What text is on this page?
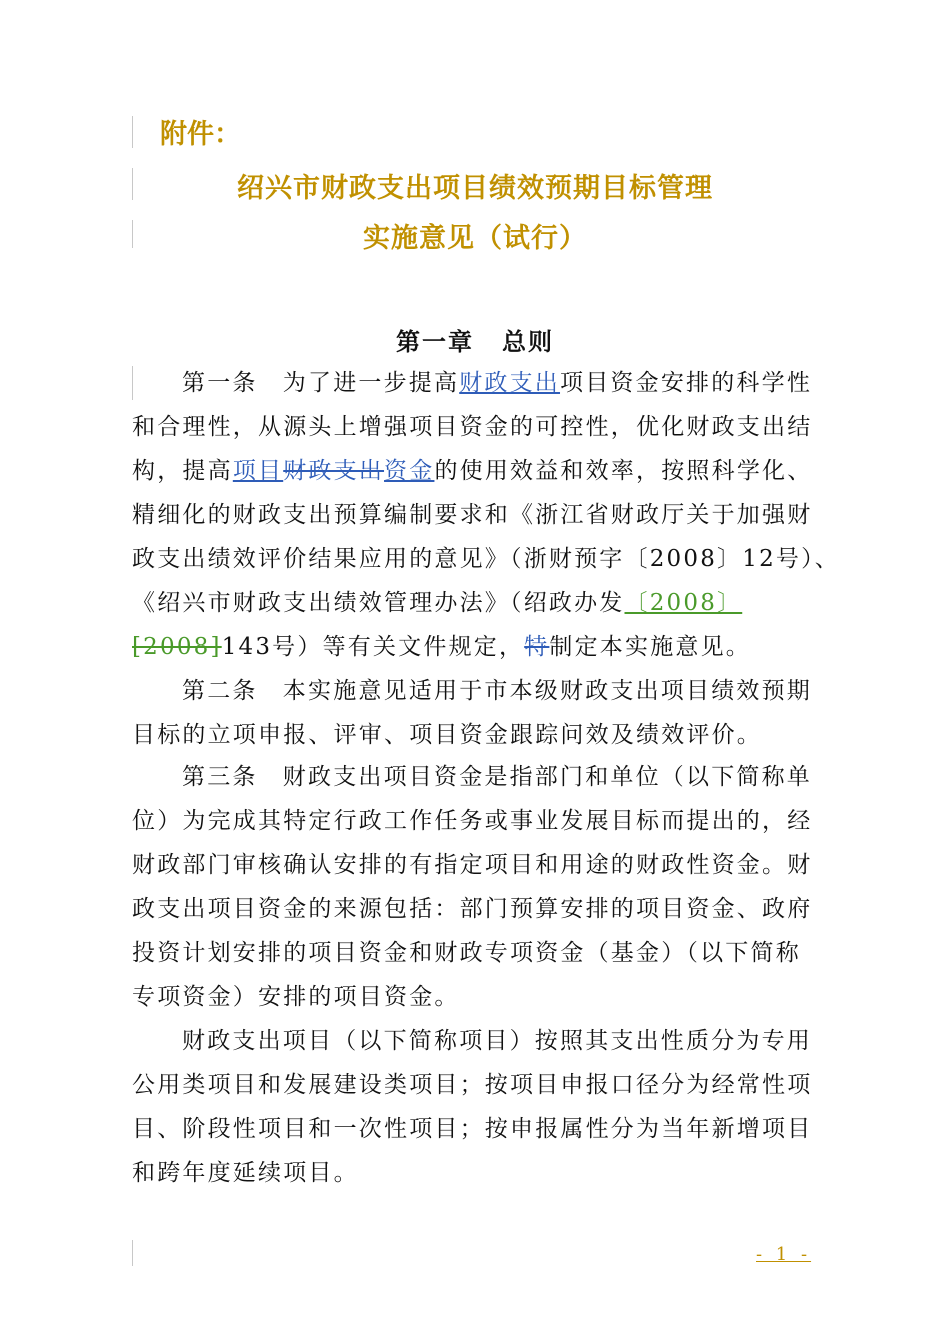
附件：
绍兴市财政支出项目绩效预期目标管理
实施意见（试行）
第一章 总则
第一条　为了进一步提高财政支出项目资金安排的科学性
和合理性，从源头上增强项目资金的可控性，优化财政支出结
构，提高项目财政支出资金的使用效益和效率，按照科学化、
精细化的财政支出预算编制要求和《浙江省财政厅关于加强财
政支出绩效评价结果应用的意见》（浙财预字〔2008〕12号）、
《绍兴市财政支出绩效管理办法》（绍政办发〔2008〕
[2008]143号）等有关文件规定，特制定本实施意见。
第二条　本实施意见适用于市本级财政支出项目绩效预期
目标的立项申报、评审、项目资金跟踪问效及绩效评价。
第三条　财政支出项目资金是指部门和单位（以下简称单
位）为完成其特定行政工作任务或事业发展目标而提出的，经
财政部门审核确认安排的有指定项目和用途的财政性资金。财
政支出项目资金的来源包括：部门预算安排的项目资金、政府
投资计划安排的项目资金和财政专项资金（基金）（以下简称
专项资金）安排的项目资金。
财政支出项目（以下简称项目）按照其支出性质分为专用
公用类项目和发展建设类项目；按项目申报口径分为经常性项
目、阶段性项目和一次性项目；按申报属性分为当年新增项目
和跨年度延续项目。
- 1 -
